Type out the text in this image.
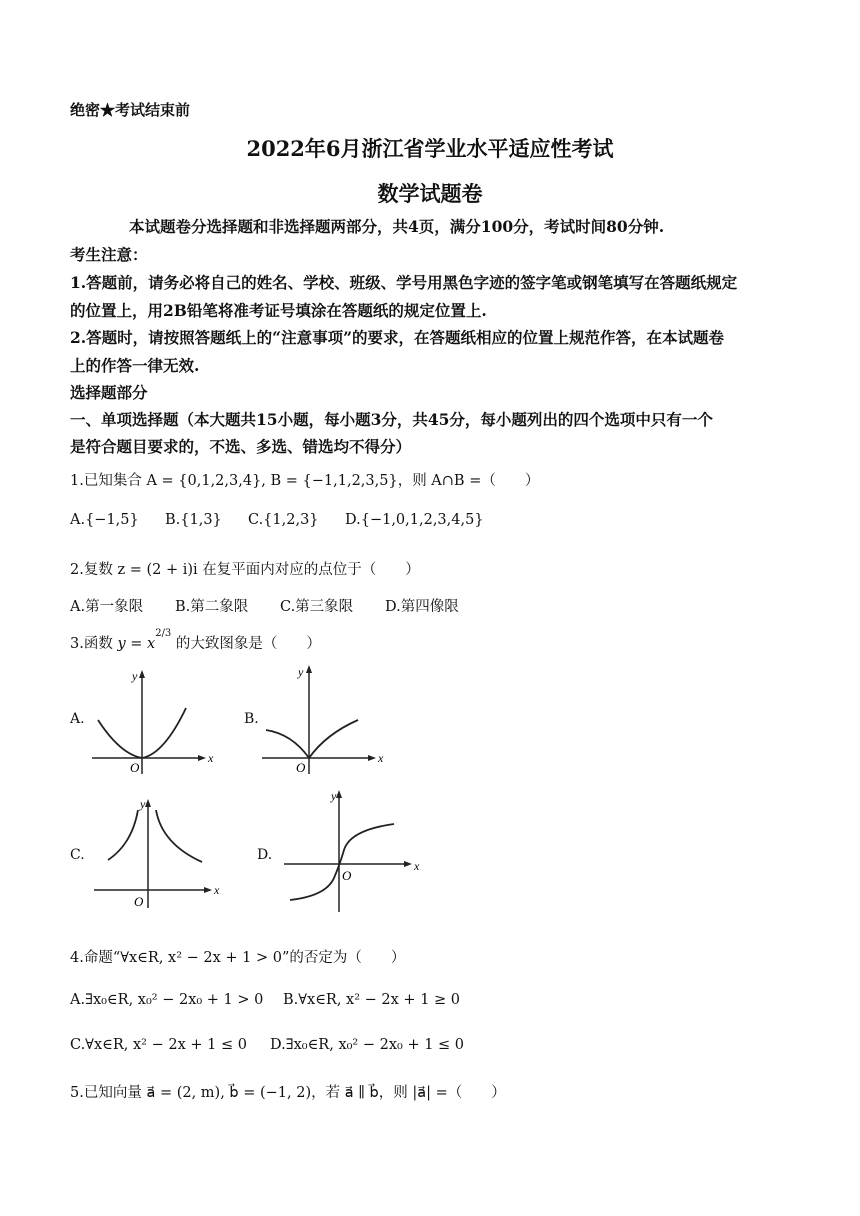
绝密★考试结束前
2022年6月浙江省学业水平适应性考试
数学试题卷
本试题卷分选择题和非选择题两部分，共4页，满分100分，考试时间80分钟.
考生注意：
1.答题前，请务必将自己的姓名、学校、班级、学号用黑色字迹的签字笔或钢笔填写在答题纸规定
的位置上，用2B铅笔将准考证号填涂在答题纸的规定位置上.
2.答题时，请按照答题纸上的“注意事项”的要求，在答题纸相应的位置上规范作答，在本试题卷
上的作答一律无效.
选择题部分
一、单项选择题（本大题共15小题，每小题3分，共45分，每小题列出的四个选项中只有一个
是符合题目要求的，不选、多选、错选均不得分）
1.已知集合 A = {0,1,2,3,4}, B = {−1,1,2,3,5}，则 A∩B =（　　）
A.{−1,5} B.{1,3} C.{1,2,3} D.{−1,0,1,2,3,4,5}
2.复数 z = (2 + i)i 在复平面内对应的点位于（　　）
A.第一象限 B.第二象限 C.第三象限 D.第四像限
3.函数 $y = x^{2/3}$ 的大致图象是（　　）
A.	B.
C.	D.
O
x
y
O
x
y
O
x
y
O
x
y
4.命题“∀x∈R, x² − 2x + 1 > 0”的否定为（　　）
A.∃x₀∈R, x₀² − 2x₀ + 1 > 0 B.∀x∈R, x² − 2x + 1 ≥ 0
C.∀x∈R, x² − 2x + 1 ≤ 0 D.∃x₀∈R, x₀² − 2x₀ + 1 ≤ 0
5.已知向量 a⃗ = (2, m), b⃗ = (−1, 2)，若 a⃗ ∥ b⃗，则 |a⃗| =（　　）
